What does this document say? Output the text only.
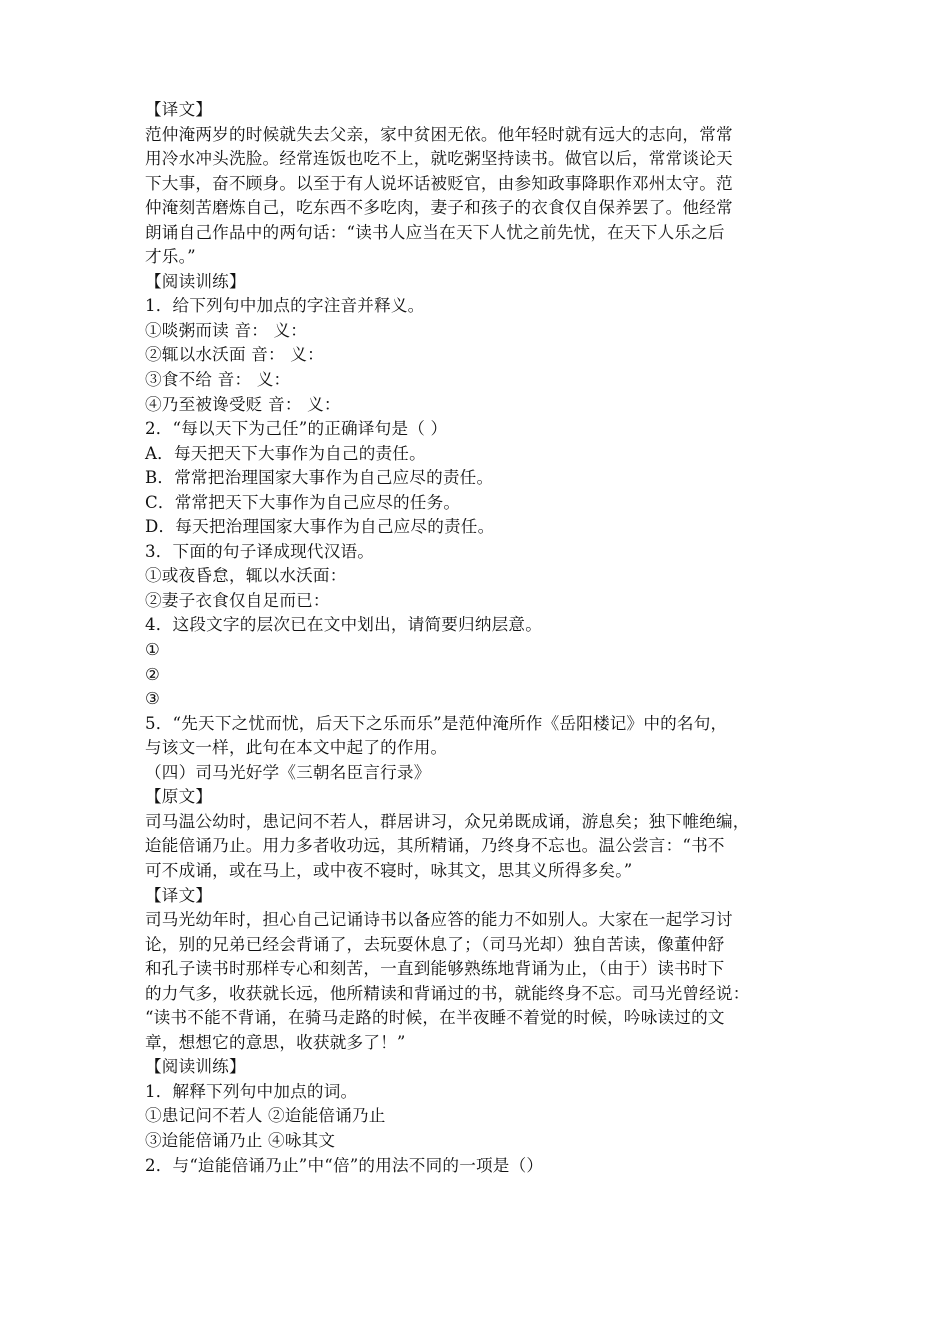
【译文】
范仲淹两岁的时候就失去父亲，家中贫困无依。他年轻时就有远大的志向，常常
用冷水冲头洗脸。经常连饭也吃不上，就吃粥坚持读书。做官以后，常常谈论天
下大事，奋不顾身。以至于有人说坏话被贬官，由参知政事降职作邓州太守。范
仲淹刻苦磨炼自己，吃东西不多吃肉，妻子和孩子的衣食仅自保养罢了。他经常
朗诵自己作品中的两句话：“读书人应当在天下人忧之前先忧，在天下人乐之后
才乐。”
【阅读训练】
1．给下列句中加点的字注音并释义。
①啖粥而读 音： 义：
②辄以水沃面 音： 义：
③食不给 音： 义：
④乃至被谗受贬 音： 义：
2．“每以天下为己任”的正确译句是（ ）
A．每天把天下大事作为自己的责任。
B．常常把治理国家大事作为自己应尽的责任。
C．常常把天下大事作为自己应尽的任务。
D．每天把治理国家大事作为自己应尽的责任。
3．下面的句子译成现代汉语。
①或夜昏怠，辄以水沃面：
②妻子衣食仅自足而已：
4．这段文字的层次已在文中划出，请简要归纳层意。
①
②
③
5．“先天下之忧而忧，后天下之乐而乐”是范仲淹所作《岳阳楼记》中的名句，
与该文一样，此句在本文中起了的作用。
（四）司马光好学《三朝名臣言行录》
【原文】
司马温公幼时，患记问不若人，群居讲习，众兄弟既成诵，游息矣；独下帷绝编，
迨能倍诵乃止。用力多者收功远，其所精诵，乃终身不忘也。温公尝言：“书不
可不成诵，或在马上，或中夜不寝时，咏其文，思其义所得多矣。”
【译文】
司马光幼年时，担心自己记诵诗书以备应答的能力不如别人。大家在一起学习讨
论，别的兄弟已经会背诵了，去玩耍休息了；（司马光却）独自苦读，像董仲舒
和孔子读书时那样专心和刻苦，一直到能够熟练地背诵为止，（由于）读书时下
的力气多，收获就长远，他所精读和背诵过的书，就能终身不忘。司马光曾经说：
“读书不能不背诵，在骑马走路的时候，在半夜睡不着觉的时候，吟咏读过的文
章，想想它的意思，收获就多了！”
【阅读训练】
1．解释下列句中加点的词。
①患记问不若人 ②迨能倍诵乃止
③迨能倍诵乃止 ④咏其文
2．与“迨能倍诵乃止”中“倍”的用法不同的一项是（）
